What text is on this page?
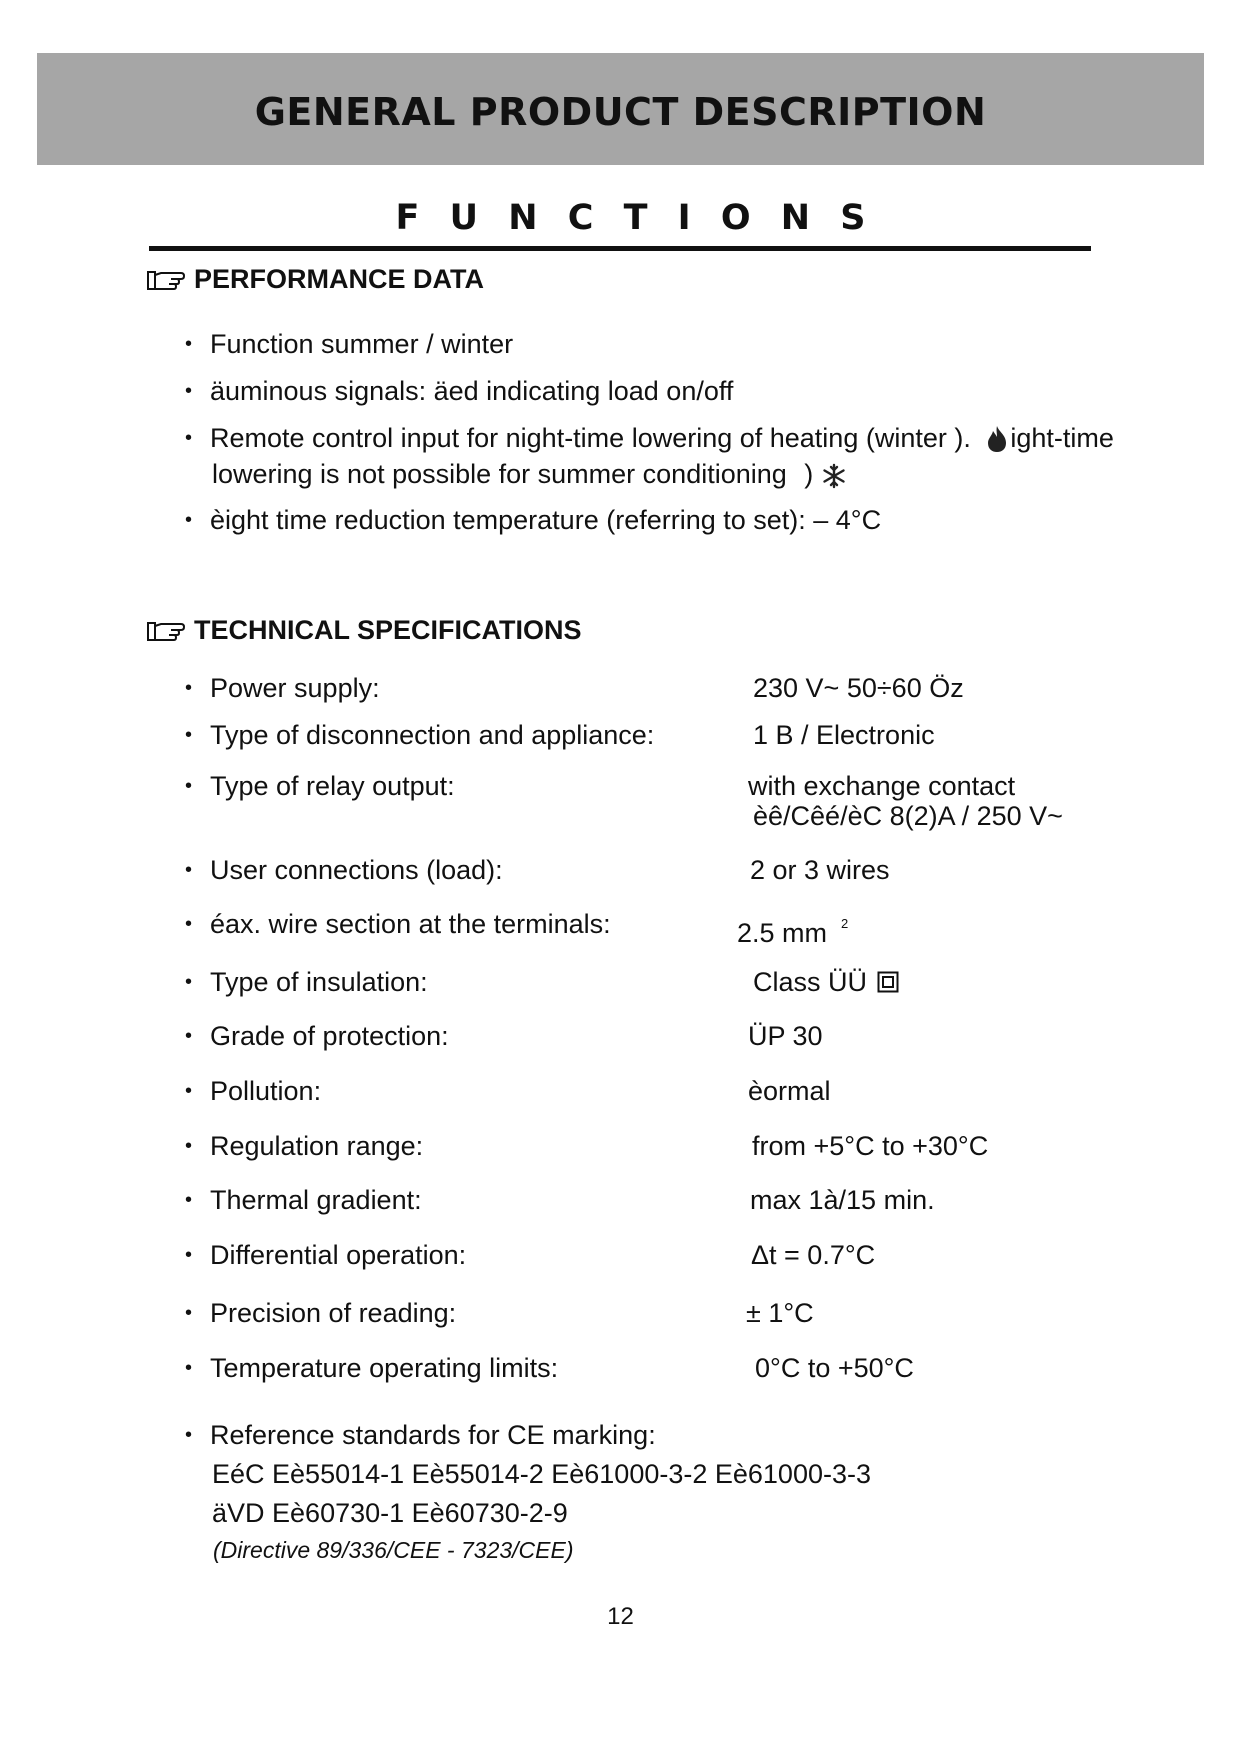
GENERAL PRODUCT DESCRIPTION
F U N C T I O N S
PERFORMANCE DATA
• Function summer / winter
• äuminous signals: äed indicating load on/off
• Remote control input for night-time lowering of heating (winter ). ight-time
lowering is not possible for summer conditioning )
• èight time reduction temperature (referring to set): – 4°C
TECHNICAL SPECIFICATIONS
• Power supply:	230 V~ 50÷60 Öz
• Type of disconnection and appliance:	1 B / Electronic
• Type of relay output:	with exchange contact
èê/Cêé/èC 8(2)A / 250 V~
• User connections (load):	2 or 3 wires
• éax. wire section at the terminals:	2.5 mm $^2$
• Type of insulation:	Class ÜÜ
• Grade of protection:	ÜP 30
• Pollution:	èormal
• Regulation range:	from +5°C to +30°C
• Thermal gradient:	max 1à/15 min.
• Differential operation:	Δt = 0.7°C
• Precision of reading:	± 1°C
• Temperature operating limits:	0°C to +50°C
• Reference standards for CE marking:
EéC Eè55014-1 Eè55014-2 Eè61000-3-2 Eè61000-3-3
äVD Eè60730-1 Eè60730-2-9
(Directive 89/336/CEE - 7323/CEE)
12
